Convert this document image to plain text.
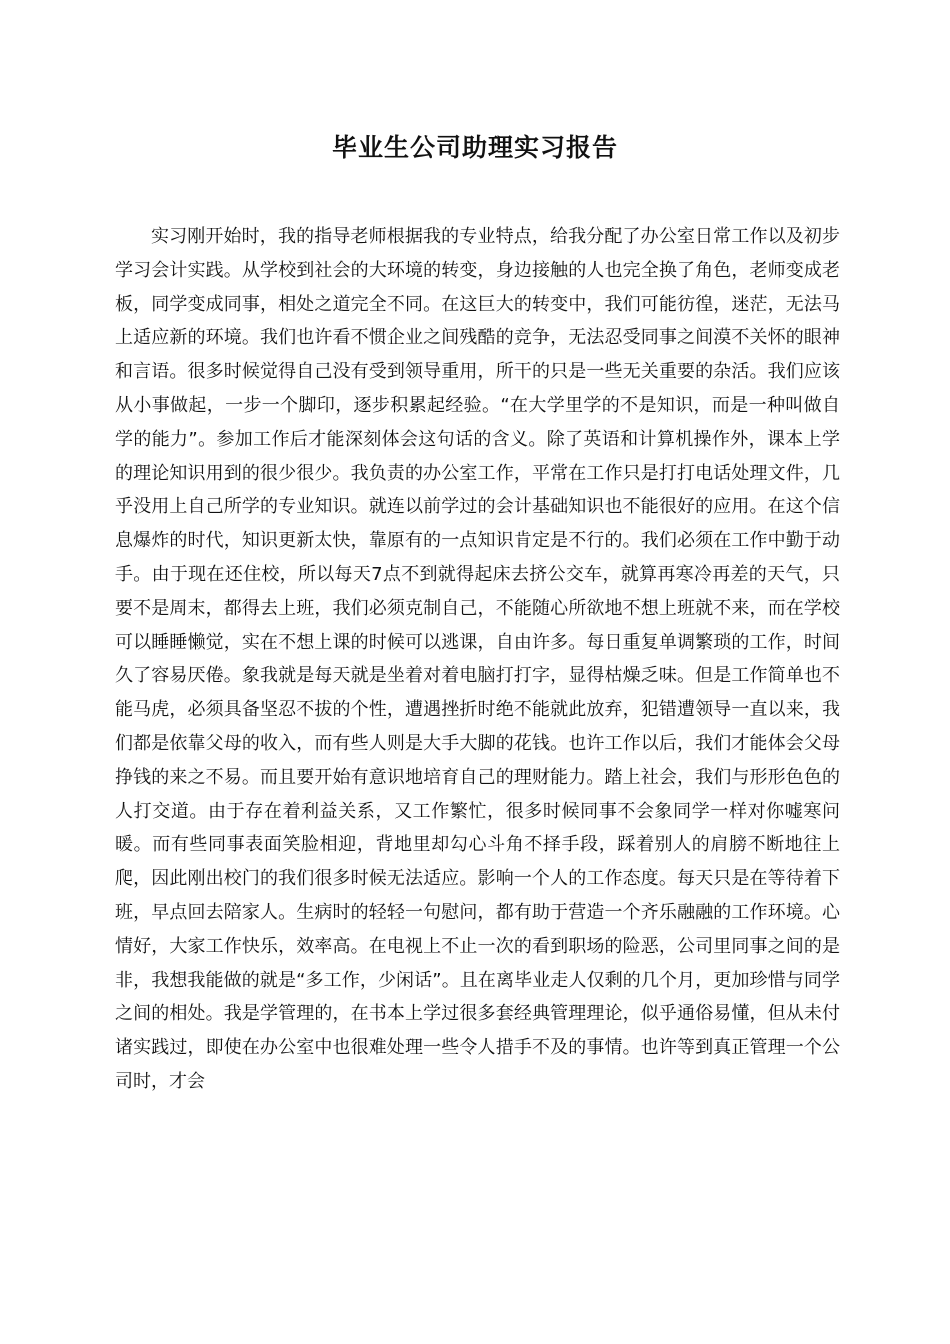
毕业生公司助理实习报告

实习刚开始时，我的指导老师根据我的专业特点，给我分配了办公室日常工作以及初步学习会计实践。从学校到社会的大环境的转变，身边接触的人也完全换了角色，老师变成老板，同学变成同事，相处之道完全不同。在这巨大的转变中，我们可能彷徨，迷茫，无法马上适应新的环境。我们也许看不惯企业之间残酷的竞争，无法忍受同事之间漠不关怀的眼神和言语。很多时候觉得自己没有受到领导重用，所干的只是一些无关重要的杂活。我们应该从小事做起，一步一个脚印，逐步积累起经验。“在大学里学的不是知识，而是一种叫做自学的能力”。参加工作后才能深刻体会这句话的含义。除了英语和计算机操作外，课本上学的理论知识用到的很少很少。我负责的办公室工作，平常在工作只是打打电话处理文件，几乎没用上自己所学的专业知识。就连以前学过的会计基础知识也不能很好的应用。在这个信息爆炸的时代，知识更新太快，靠原有的一点知识肯定是不行的。我们必须在工作中勤于动手。由于现在还住校，所以每天7点不到就得起床去挤公交车，就算再寒冷再差的天气，只要不是周末，都得去上班，我们必须克制自己，不能随心所欲地不想上班就不来，而在学校可以睡睡懒觉，实在不想上课的时候可以逃课，自由许多。每日重复单调繁琐的工作，时间久了容易厌倦。象我就是每天就是坐着对着电脑打打字，显得枯燥乏味。但是工作简单也不能马虎，必须具备坚忍不拔的个性，遭遇挫折时绝不能就此放弃，犯错遭领导一直以来，我们都是依靠父母的收入，而有些人则是大手大脚的花钱。也许工作以后，我们才能体会父母挣钱的来之不易。而且要开始有意识地培育自己的理财能力。踏上社会，我们与形形色色的人打交道。由于存在着利益关系，又工作繁忙，很多时候同事不会象同学一样对你嘘寒问暖。而有些同事表面笑脸相迎，背地里却勾心斗角不择手段，踩着别人的肩膀不断地往上爬，因此刚出校门的我们很多时候无法适应。影响一个人的工作态度。每天只是在等待着下班，早点回去陪家人。生病时的轻轻一句慰问，都有助于营造一个齐乐融融的工作环境。心情好，大家工作快乐，效率高。在电视上不止一次的看到职场的险恶，公司里同事之间的是非，我想我能做的就是“多工作，少闲话”。且在离毕业走人仅剩的几个月，更加珍惜与同学之间的相处。我是学管理的，在书本上学过很多套经典管理理论，似乎通俗易懂，但从未付诸实践过，即使在办公室中也很难处理一些令人措手不及的事情。也许等到真正管理一个公司时，才会
